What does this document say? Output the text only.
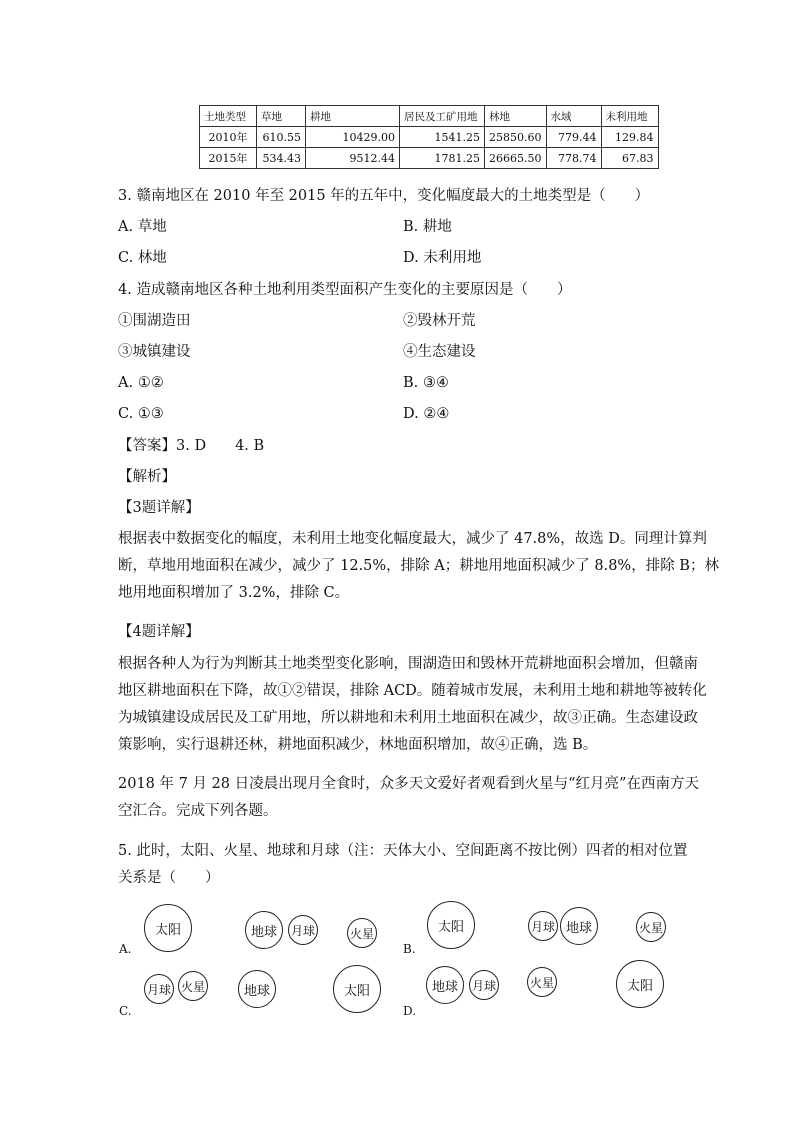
土地类型	草地	耕地	居民及工矿用地	林地	水域	未利用地
2010年	610.55	10429.00	1541.25	25850.60	779.44	129.84
2015年	534.43	9512.44	1781.25	26665.50	778.74	67.83
3. 赣南地区在 2010 年至 2015 年的五年中，变化幅度最大的土地类型是（　　）
A. 草地	B. 耕地
C. 林地	D. 未利用地
4. 造成赣南地区各种土地利用类型面积产生变化的主要原因是（　　）
①围湖造田	②毁林开荒
③城镇建设	④生态建设
A. ①②	B. ③④
C. ①③	D. ②④
【答案】3. D　　4. B
【解析】
【3题详解】
根据表中数据变化的幅度，未利用土地变化幅度最大，减少了 47.8%，故选 D。同理计算判
断，草地用地面积在减少，减少了 12.5%，排除 A；耕地用地面积减少了 8.8%，排除 B；林
地用地面积增加了 3.2%，排除 C。
【4题详解】
根据各种人为行为判断其土地类型变化影响，围湖造田和毁林开荒耕地面积会增加，但赣南
地区耕地面积在下降，故①②错误，排除 ACD。随着城市发展，未利用土地和耕地等被转化
为城镇建设成居民及工矿用地，所以耕地和未利用土地面积在减少，故③正确。生态建设政
策影响，实行退耕还林，耕地面积减少，林地面积增加，故④正确，选 B。
2018 年 7 月 28 日凌晨出现月全食时，众多天文爱好者观看到火星与“红月亮”在西南方天
空汇合。完成下列各题。
5. 此时，太阳、火星、地球和月球（注：天体大小、空间距离不按比例）四者的相对位置
关系是（　　）
A.
太阳	地球	月球	火星
B.
太阳	月球 地球	火星
C.
月球 火星	地球	太阳
D.
地球	月球	火星	太阳
